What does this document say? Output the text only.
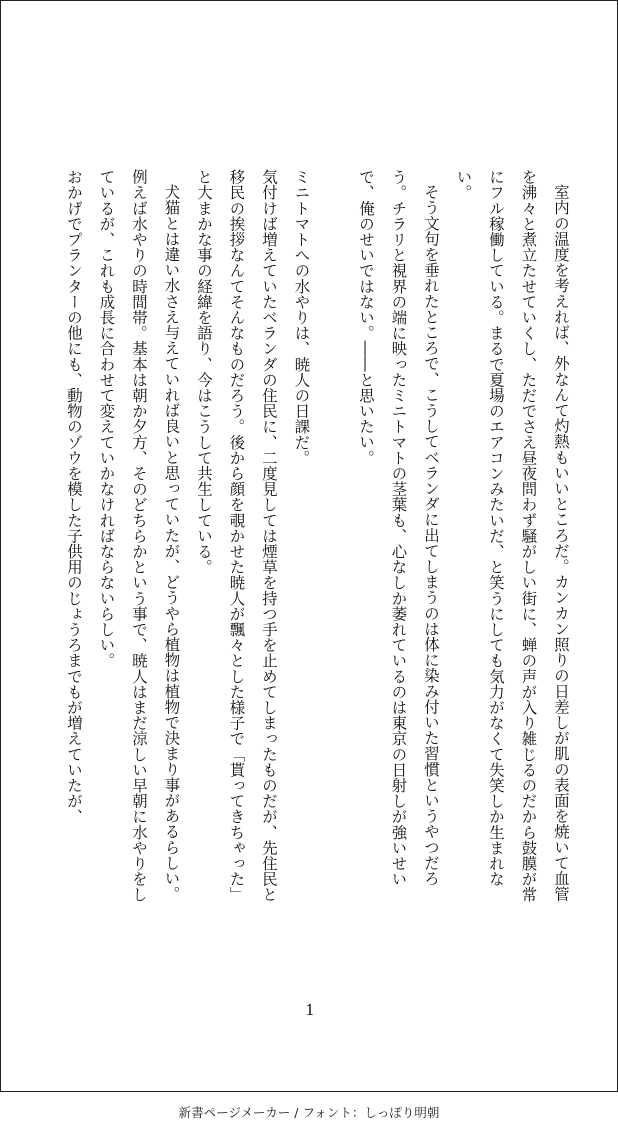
室内の温度を考えれば、外なんて灼熱もいいところだ。カンカン照りの日差しが肌の表面を焼いて血管を沸々と煮立たせていくし、ただでさえ昼夜問わず騒がしい街に、蝉の声が入り雑じるのだから鼓膜が常にフル稼働している。まるで夏場のエアコンみたいだ、と笑うにしても気力がなくて失笑しか生まれない。

そう文句を垂れたところで、こうしてベランダに出てしまうのは体に染み付いた習慣というやつだろう。チラリと視界の端に映ったミニトマトの茎葉も、心なしか萎れているのは東京の日射しが強いせいで、俺のせいではない。――と思いたい。

ミニトマトへの水やりは、暁人の日課だ。

気付けば増えていたベランダの住民に、二度見しては煙草を持つ手を止めてしまったものだが、先住民と移民の挨拶なんてそんなものだろう。後から顔を覗かせた暁人が飄々とした様子で「貰ってきちゃった」と大まかな事の経緯を語り、今はこうして共生している。

犬猫とは違い水さえ与えていれば良いと思っていたが、どうやら植物は植物で決まり事があるらしい。例えば水やりの時間帯。基本は朝か夕方、そのどちらかという事で、暁人はまだ涼しい早朝に水やりをしているが、これも成長に合わせて変えていかなければならないらしい。

おかげでプランターの他にも、動物のゾウを模した子供用のじょうろまでもが増えていたが、

1
新書ページメーカー / フォント：しっぽり明朝
